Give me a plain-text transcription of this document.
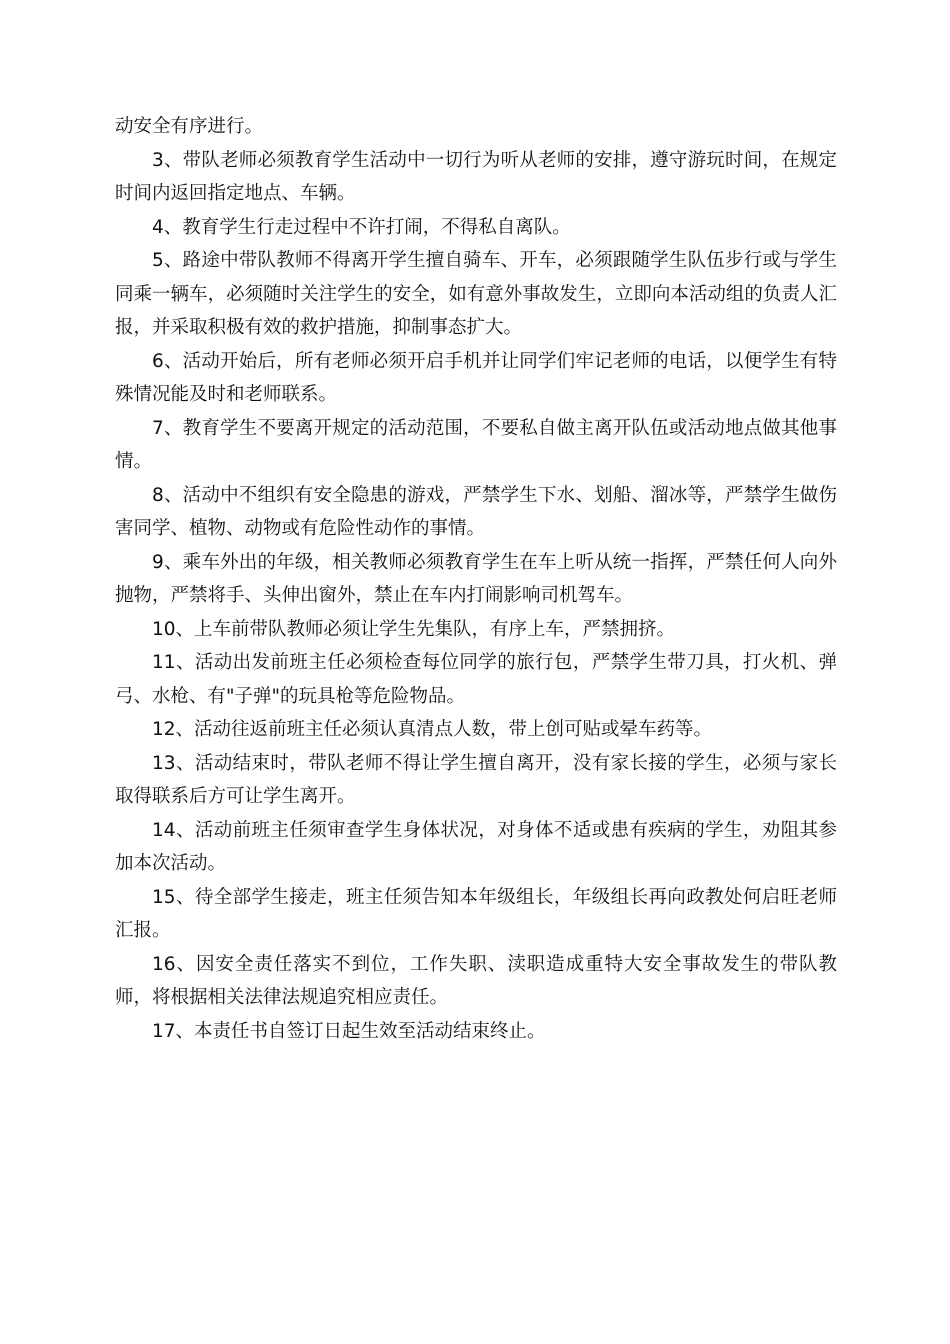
动安全有序进行。

3、带队老师必须教育学生活动中一切行为听从老师的安排，遵守游玩时间，在规定时间内返回指定地点、车辆。

4、教育学生行走过程中不许打闹，不得私自离队。

5、路途中带队教师不得离开学生擅自骑车、开车，必须跟随学生队伍步行或与学生同乘一辆车，必须随时关注学生的安全，如有意外事故发生，立即向本活动组的负责人汇报，并采取积极有效的救护措施，抑制事态扩大。

6、活动开始后，所有老师必须开启手机并让同学们牢记老师的电话，以便学生有特殊情况能及时和老师联系。

7、教育学生不要离开规定的活动范围，不要私自做主离开队伍或活动地点做其他事情。

8、活动中不组织有安全隐患的游戏，严禁学生下水、划船、溜冰等，严禁学生做伤害同学、植物、动物或有危险性动作的事情。

9、乘车外出的年级，相关教师必须教育学生在车上听从统一指挥，严禁任何人向外抛物，严禁将手、头伸出窗外，禁止在车内打闹影响司机驾车。

10、上车前带队教师必须让学生先集队，有序上车，严禁拥挤。

11、活动出发前班主任必须检查每位同学的旅行包，严禁学生带刀具，打火机、弹弓、水枪、有"子弹"的玩具枪等危险物品。

12、活动往返前班主任必须认真清点人数，带上创可贴或晕车药等。

13、活动结束时，带队老师不得让学生擅自离开，没有家长接的学生，必须与家长取得联系后方可让学生离开。

14、活动前班主任须审查学生身体状况，对身体不适或患有疾病的学生，劝阻其参加本次活动。

15、待全部学生接走，班主任须告知本年级组长，年级组长再向政教处何启旺老师汇报。

16、因安全责任落实不到位，工作失职、渎职造成重特大安全事故发生的带队教师，将根据相关法律法规追究相应责任。

17、本责任书自签订日起生效至活动结束终止。
